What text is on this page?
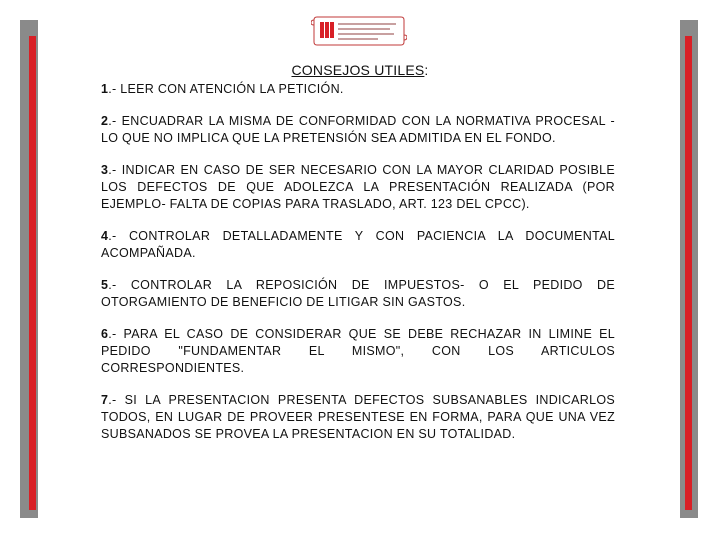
CONSEJOS UTILES:

1.- LEER CON ATENCIÓN LA PETICIÓN.

2.- ENCUADRAR LA MISMA DE CONFORMIDAD CON LA NORMATIVA PROCESAL -LO QUE NO IMPLICA QUE LA PRETENSIÓN SEA ADMITIDA EN EL FONDO.

3.- INDICAR EN CASO DE SER NECESARIO CON LA MAYOR CLARIDAD POSIBLE LOS DEFECTOS DE QUE ADOLEZCA LA PRESENTACIÓN REALIZADA (POR EJEMPLO- FALTA DE COPIAS PARA TRASLADO, ART. 123 DEL CPCC).

4.- CONTROLAR DETALLADAMENTE Y CON PACIENCIA LA DOCUMENTAL ACOMPAÑADA.

5.- CONTROLAR LA REPOSICIÓN DE IMPUESTOS- O EL PEDIDO DE OTORGAMIENTO DE BENEFICIO DE LITIGAR SIN GASTOS.

6.- PARA EL CASO DE CONSIDERAR QUE SE DEBE RECHAZAR IN LIMINE EL PEDIDO "FUNDAMENTAR EL MISMO", CON LOS ARTICULOS CORRESPONDIENTES.

7.- SI LA PRESENTACION PRESENTA DEFECTOS SUBSANABLES INDICARLOS TODOS, EN LUGAR DE PROVEER PRESENTESE EN FORMA, PARA QUE UNA VEZ SUBSANADOS SE PROVEA LA PRESENTACION EN SU TOTALIDAD.
